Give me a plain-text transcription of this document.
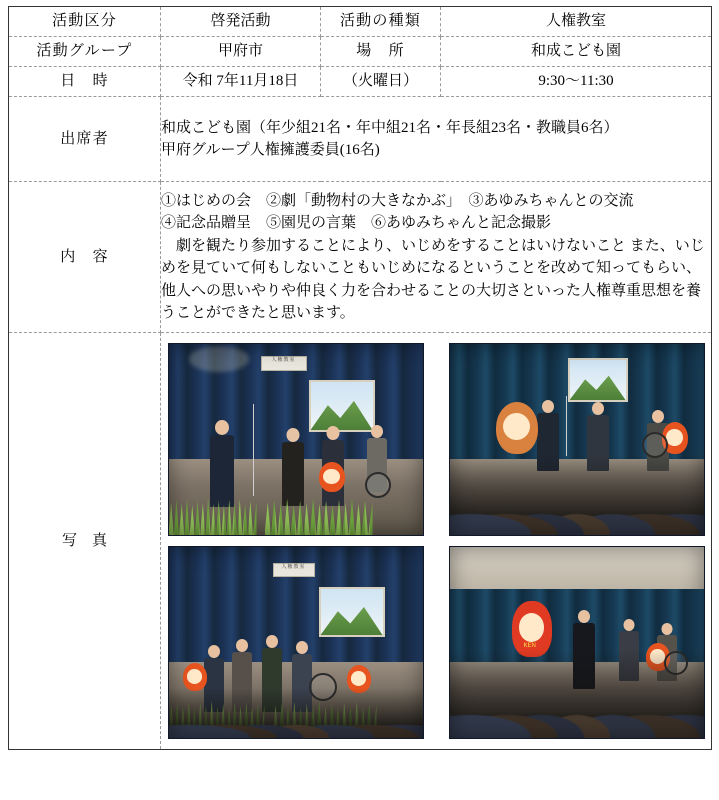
活動区分	啓発活動	活動の種類	人権教室
活動グループ	甲府市	場　所	和成こども園
日　時	令和 7年11月18日	（火曜日）	9:30〜11:30
出席者	和成こども園（年少組21名・年中組21名・年長組23名・教職員6名）
甲府グループ人権擁護委員(16名)		

内　容	①はじめの会　②劇「動物村の大きなかぶ」　③あゆみちゃんとの交流
④記念品贈呈　⑤園児の言葉　⑥あゆみちゃんと記念撮影
劇を観たり参加することにより、いじめをすることはいけないこと また、いじめを見ていて何もしないこともいじめになるということを改めて知ってもらい、他人への思いやりや仲良く力を合わせることの大切さといった人権尊重思想を養うことができたと思います。		

写　真	人権教室
人権教室
KEN		
